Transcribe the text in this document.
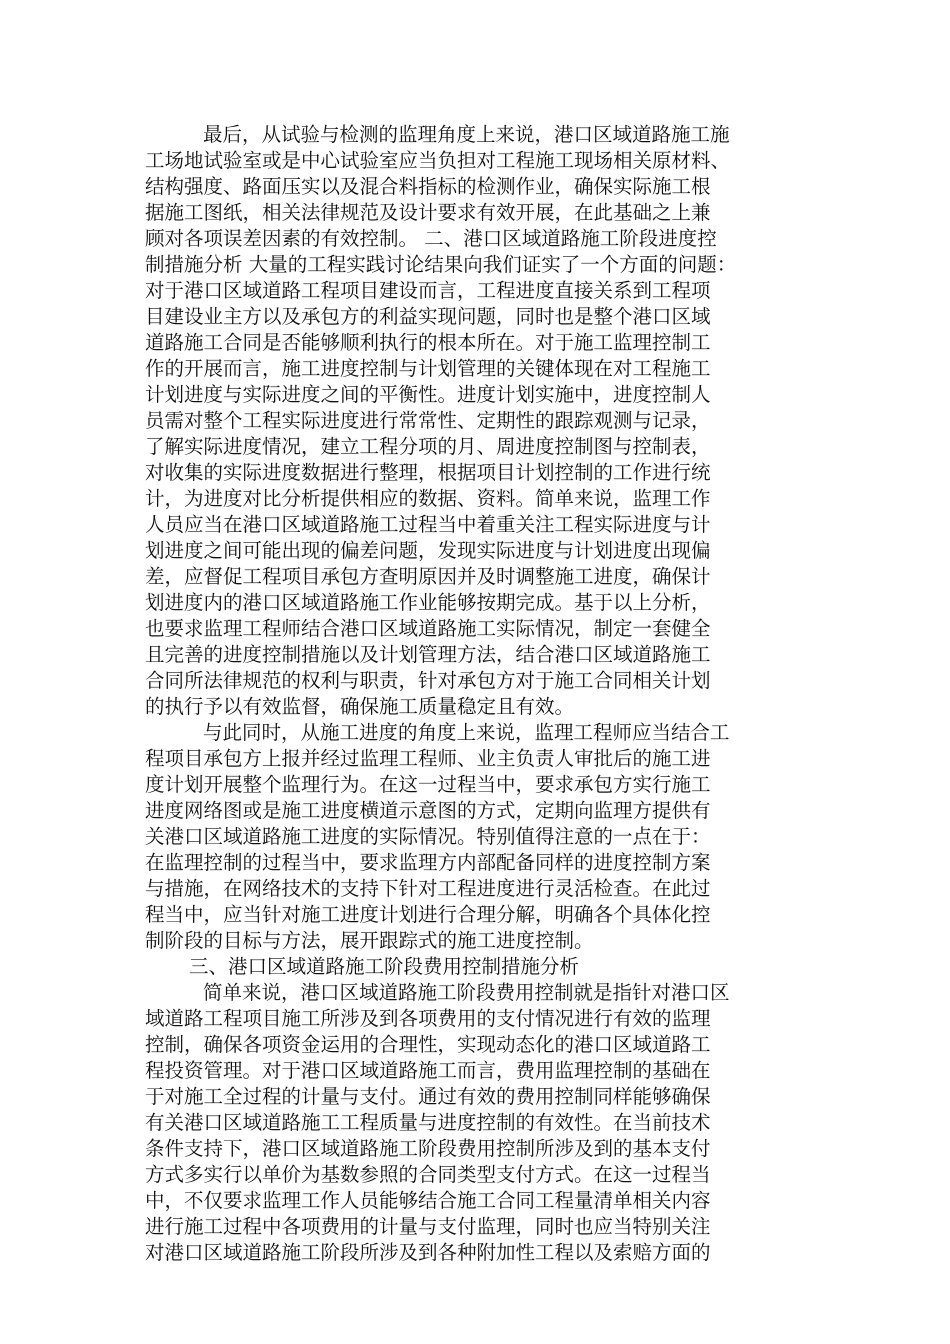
最后，从试验与检测的监理角度上来说，港口区域道路施工施
工场地试验室或是中心试验室应当负担对工程施工现场相关原材料、
结构强度、路面压实以及混合料指标的检测作业，确保实际施工根
据施工图纸，相关法律规范及设计要求有效开展，在此基础之上兼
顾对各项误差因素的有效控制。 二、港口区域道路施工阶段进度控
制措施分析 大量的工程实践讨论结果向我们证实了一个方面的问题：
对于港口区域道路工程项目建设而言，工程进度直接关系到工程项
目建设业主方以及承包方的利益实现问题，同时也是整个港口区域
道路施工合同是否能够顺利执行的根本所在。对于施工监理控制工
作的开展而言，施工进度控制与计划管理的关键体现在对工程施工
计划进度与实际进度之间的平衡性。进度计划实施中，进度控制人
员需对整个工程实际进度进行常常性、定期性的跟踪观测与记录，
了解实际进度情况，建立工程分项的月、周进度控制图与控制表，
对收集的实际进度数据进行整理，根据项目计划控制的工作进行统
计，为进度对比分析提供相应的数据、资料。简单来说，监理工作
人员应当在港口区域道路施工过程当中着重关注工程实际进度与计
划进度之间可能出现的偏差问题，发现实际进度与计划进度出现偏
差，应督促工程项目承包方查明原因并及时调整施工进度，确保计
划进度内的港口区域道路施工作业能够按期完成。基于以上分析，
也要求监理工程师结合港口区域道路施工实际情况，制定一套健全
且完善的进度控制措施以及计划管理方法，结合港口区域道路施工
合同所法律规范的权利与职责，针对承包方对于施工合同相关计划
的执行予以有效监督，确保施工质量稳定且有效。
与此同时，从施工进度的角度上来说，监理工程师应当结合工
程项目承包方上报并经过监理工程师、业主负责人审批后的施工进
度计划开展整个监理行为。在这一过程当中，要求承包方实行施工
进度网络图或是施工进度横道示意图的方式，定期向监理方提供有
关港口区域道路施工进度的实际情况。特别值得注意的一点在于：
在监理控制的过程当中，要求监理方内部配备同样的进度控制方案
与措施，在网络技术的支持下针对工程进度进行灵活检查。在此过
程当中，应当针对施工进度计划进行合理分解，明确各个具体化控
制阶段的目标与方法，展开跟踪式的施工进度控制。
三、港口区域道路施工阶段费用控制措施分析
简单来说，港口区域道路施工阶段费用控制就是指针对港口区
域道路工程项目施工所涉及到各项费用的支付情况进行有效的监理
控制，确保各项资金运用的合理性，实现动态化的港口区域道路工
程投资管理。对于港口区域道路施工而言，费用监理控制的基础在
于对施工全过程的计量与支付。通过有效的费用控制同样能够确保
有关港口区域道路施工工程质量与进度控制的有效性。在当前技术
条件支持下，港口区域道路施工阶段费用控制所涉及到的基本支付
方式多实行以单价为基数参照的合同类型支付方式。在这一过程当
中，不仅要求监理工作人员能够结合施工合同工程量清单相关内容
进行施工过程中各项费用的计量与支付监理，同时也应当特别关注
对港口区域道路施工阶段所涉及到各种附加性工程以及索赔方面的
